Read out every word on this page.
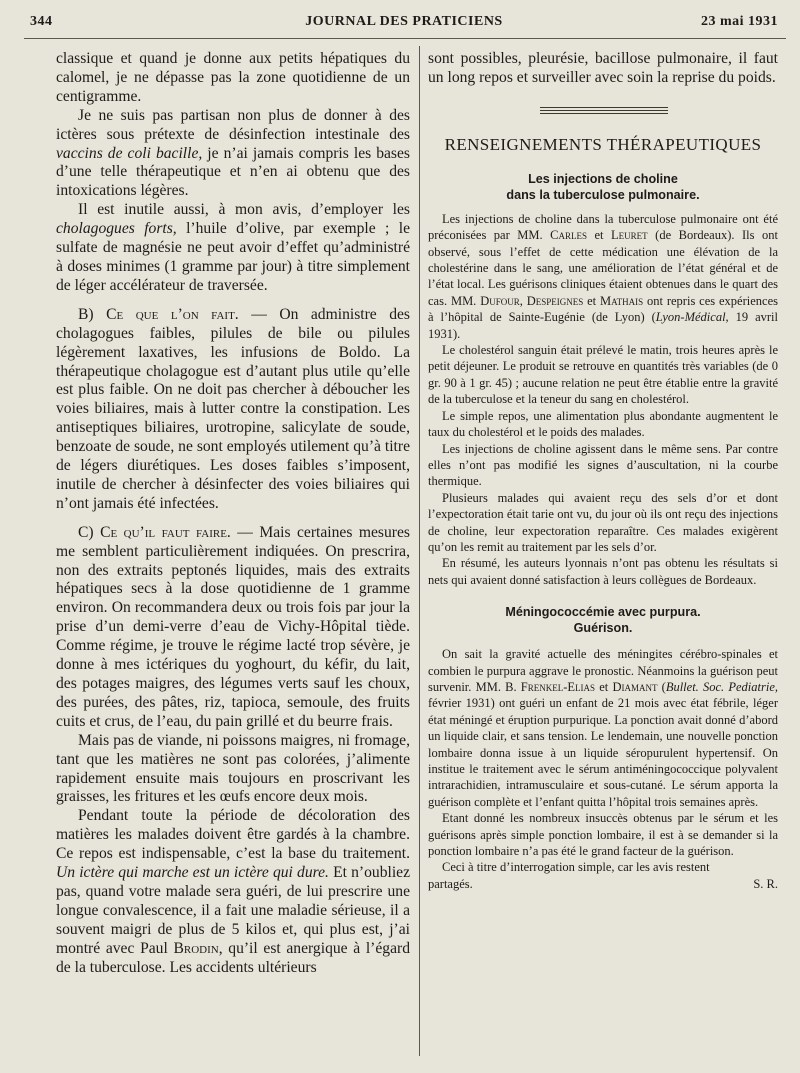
344	JOURNAL DES PRATICIENS	23 mai 1931

classique et quand je donne aux petits hépatiques du calomel, je ne dépasse pas la zone quotidienne de un centigramme.

Je ne suis pas partisan non plus de donner à des ictères sous prétexte de désinfection intestinale des vaccins de coli bacille, je n’ai jamais compris les bases d’une telle thérapeutique et n’en ai obtenu que des intoxications légères.

Il est inutile aussi, à mon avis, d’employer les cholagogues forts, l’huile d’olive, par exemple ; le sulfate de magnésie ne peut avoir d’effet qu’administré à doses minimes (1 gramme par jour) à titre simplement de léger accélérateur de traversée.

B) Ce que l’on fait. — On administre des cholagogues faibles, pilules de bile ou pilules légèrement laxatives, les infusions de Boldo. La thérapeutique cholagogue est d’autant plus utile qu’elle est plus faible. On ne doit pas chercher à déboucher les voies biliaires, mais à lutter contre la constipation. Les antiseptiques biliaires, urotropine, salicylate de soude, benzoate de soude, ne sont employés utilement qu’à titre de légers diurétiques. Les doses faibles s’imposent, inutile de chercher à désinfecter des voies biliaires qui n’ont jamais été infectées.

C) Ce qu’il faut faire. — Mais certaines mesures me semblent particulièrement indiquées. On prescrira, non des extraits peptonés liquides, mais des extraits hépatiques secs à la dose quotidienne de 1 gramme environ. On recommandera deux ou trois fois par jour la prise d’un demi-verre d’eau de Vichy-Hôpital tiède. Comme régime, je trouve le régime lacté trop sévère, je donne à mes ictériques du yoghourt, du kéfir, du lait, des potages maigres, des légumes verts sauf les choux, des purées, des pâtes, riz, tapioca, semoule, des fruits cuits et crus, de l’eau, du pain grillé et du beurre frais.

Mais pas de viande, ni poissons maigres, ni fromage, tant que les matières ne sont pas colorées, j’alimente rapidement ensuite mais toujours en proscrivant les graisses, les fritures et les œufs encore deux mois.

Pendant toute la période de décoloration des matières les malades doivent être gardés à la chambre. Ce repos est indispensable, c’est la base du traitement. Un ictère qui marche est un ictère qui dure. Et n’oubliez pas, quand votre malade sera guéri, de lui prescrire une longue convalescence, il a fait une maladie sérieuse, il a souvent maigri de plus de 5 kilos et, qui plus est, j’ai montré avec Paul Brodin, qu’il est anergique à l’égard de la tuberculose. Les accidents ultérieurs

sont possibles, pleurésie, bacillose pulmonaire, il faut un long repos et surveiller avec soin la reprise du poids.

RENSEIGNEMENTS THÉRAPEUTIQUES
Les injections de choline
dans la tuberculose pulmonaire.

Les injections de choline dans la tuberculose pulmonaire ont été préconisées par MM. Carles et Leuret (de Bordeaux). Ils ont observé, sous l’effet de cette médication une élévation de la cholestérine dans le sang, une amélioration de l’état général et de l’état local. Les guérisons cliniques étaient obtenues dans le quart des cas. MM. Dufour, Despeignes et Mathais ont repris ces expériences à l’hôpital de Sainte-Eugénie (de Lyon) (Lyon-Médical, 19 avril 1931).

Le cholestérol sanguin était prélevé le matin, trois heures après le petit déjeuner. Le produit se retrouve en quantités très variables (de 0 gr. 90 à 1 gr. 45) ; aucune relation ne peut être établie entre la gravité de la tuberculose et la teneur du sang en cholestérol.

Le simple repos, une alimentation plus abondante augmentent le taux du cholestérol et le poids des malades.

Les injections de choline agissent dans le même sens. Par contre elles n’ont pas modifié les signes d’auscultation, ni la courbe thermique.

Plusieurs malades qui avaient reçu des sels d’or et dont l’expectoration était tarie ont vu, du jour où ils ont reçu des injections de choline, leur expectoration reparaître. Ces malades exigèrent qu’on les remit au traitement par les sels d’or.

En résumé, les auteurs lyonnais n’ont pas obtenu les résultats si nets qui avaient donné satisfaction à leurs collègues de Bordeaux.

Méningococcémie avec purpura.
Guérison.

On sait la gravité actuelle des méningites cérébro-spinales et combien le purpura aggrave le pronostic. Néanmoins la guérison peut survenir. MM. B. Frenkel-Elias et Diamant (Bullet. Soc. Pediatrie, février 1931) ont guéri un enfant de 21 mois avec état fébrile, léger état méningé et éruption purpurique. La ponction avait donné d’abord un liquide clair, et sans tension. Le lendemain, une nouvelle ponction lombaire donna issue à un liquide séropurulent hypertensif. On institue le traitement avec le sérum antiméningococcique polyvalent intrarachidien, intramusculaire et sous-cutané. Le sérum apporta la guérison complète et l’enfant quitta l’hôpital trois semaines après.

Etant donné les nombreux insuccès obtenus par le sérum et les guérisons après simple ponction lombaire, il est à se demander si la ponction lombaire n’a pas été le grand facteur de la guérison.

Ceci à titre d’interrogation simple, car les avis restent

partagés.	S. R.
